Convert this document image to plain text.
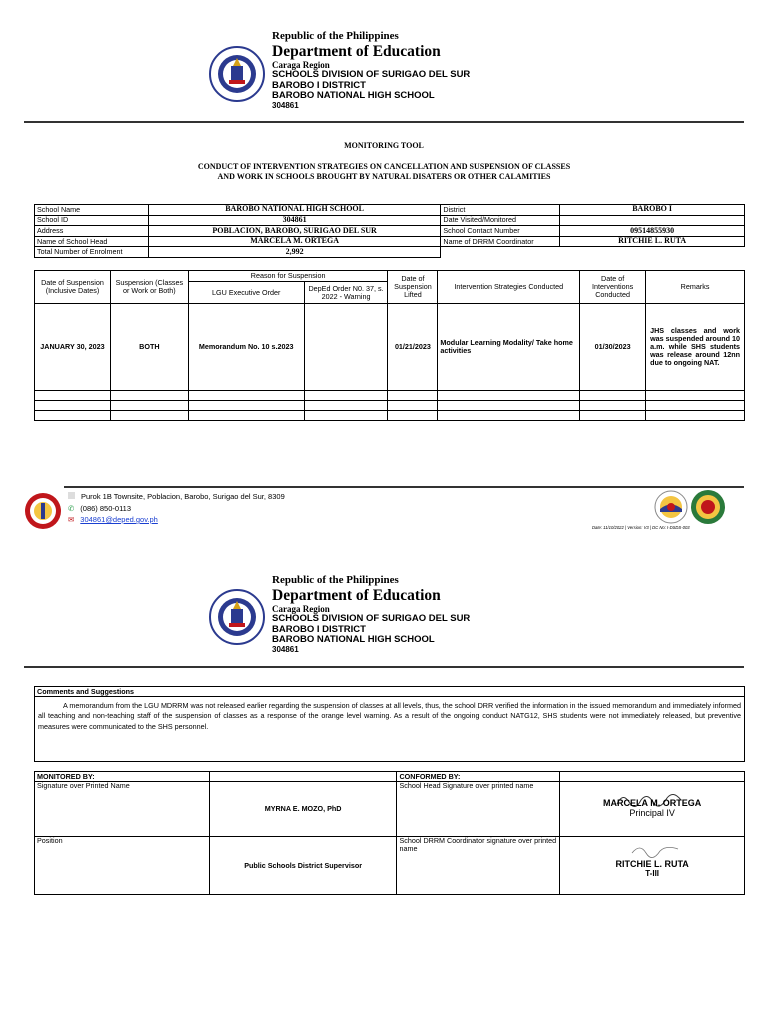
Republic of the Philippines
Department of Education
Caraga Region
SCHOOLS DIVISION OF SURIGAO DEL SUR
BAROBO I DISTRICT
BAROBO NATIONAL HIGH SCHOOL
304861
MONITORING TOOL
CONDUCT OF INTERVENTION STRATEGIES ON CANCELLATION AND SUSPENSION OF CLASSES
AND WORK IN SCHOOLS BROUGHT BY NATURAL DISATERS OR OTHER CALAMITIES
School Name	BAROBO NATIONAL HIGH SCHOOL	District	BAROBO I
School ID	304861	Date Visited/Monitored	
Address	POBLACION, BAROBO, SURIGAO DEL SUR	School Contact Number	09514855930
Name of School Head	MARCELA M. ORTEGA	Name of DRRM Coordinator	RITCHIE L. RUTA
Total Number of Enrolment	2,992		
Date of Suspension (Inclusive Dates)	Suspension (Classes or Work or Both)	Reason for Suspension		Date of Suspension Lifted	Intervention Strategies Conducted	Date of Interventions Conducted	Remarks
		LGU Executive Order	DepEd Order N0. 37, s. 2022 - Warning				
JANUARY 30, 2023	BOTH	Memorandum No. 10 s.2023		01/21/2023	Modular Learning Modality/ Take home activities	01/30/2023	JHS classes and work was suspended around 10 a.m. while SHS students was release around 12nn due to ongoing NAT.

Purok 1B Townsite, Poblacion, Barobo, Surigao del Sur, 8309
✆ (086) 850-0113
✉ 304861@deped.gov.ph
Date: 11/10/2022 | Version: V3 | DC No: I-DSDS-003
Republic of the Philippines
Department of Education
Caraga Region
SCHOOLS DIVISION OF SURIGAO DEL SUR
BAROBO I DISTRICT
BAROBO NATIONAL HIGH SCHOOL
304861
Comments and Suggestions
A memorandum from the LGU MDRRM was not released earlier regarding the suspension of classes at all levels, thus, the school DRR verified the information in the issued memorandum and immediately informed all teaching and non-teaching staff of the suspension of classes as a response of the orange level warning. As a result of the ongoing conduct NATG12, SHS students were not immediately released, but preventive measures were communicated to the SHS personnel.
MONITORED BY:		CONFORMED BY:	
Signature over Printed Name	MYRNA E. MOZO, PhD	School Head Signature over printed name	MARCELA M. ORTEGA
Principal IV

Position	Public Schools District Supervisor	School DRRM Coordinator signature over printed name	RITCHIE L. RUTA
T-III
